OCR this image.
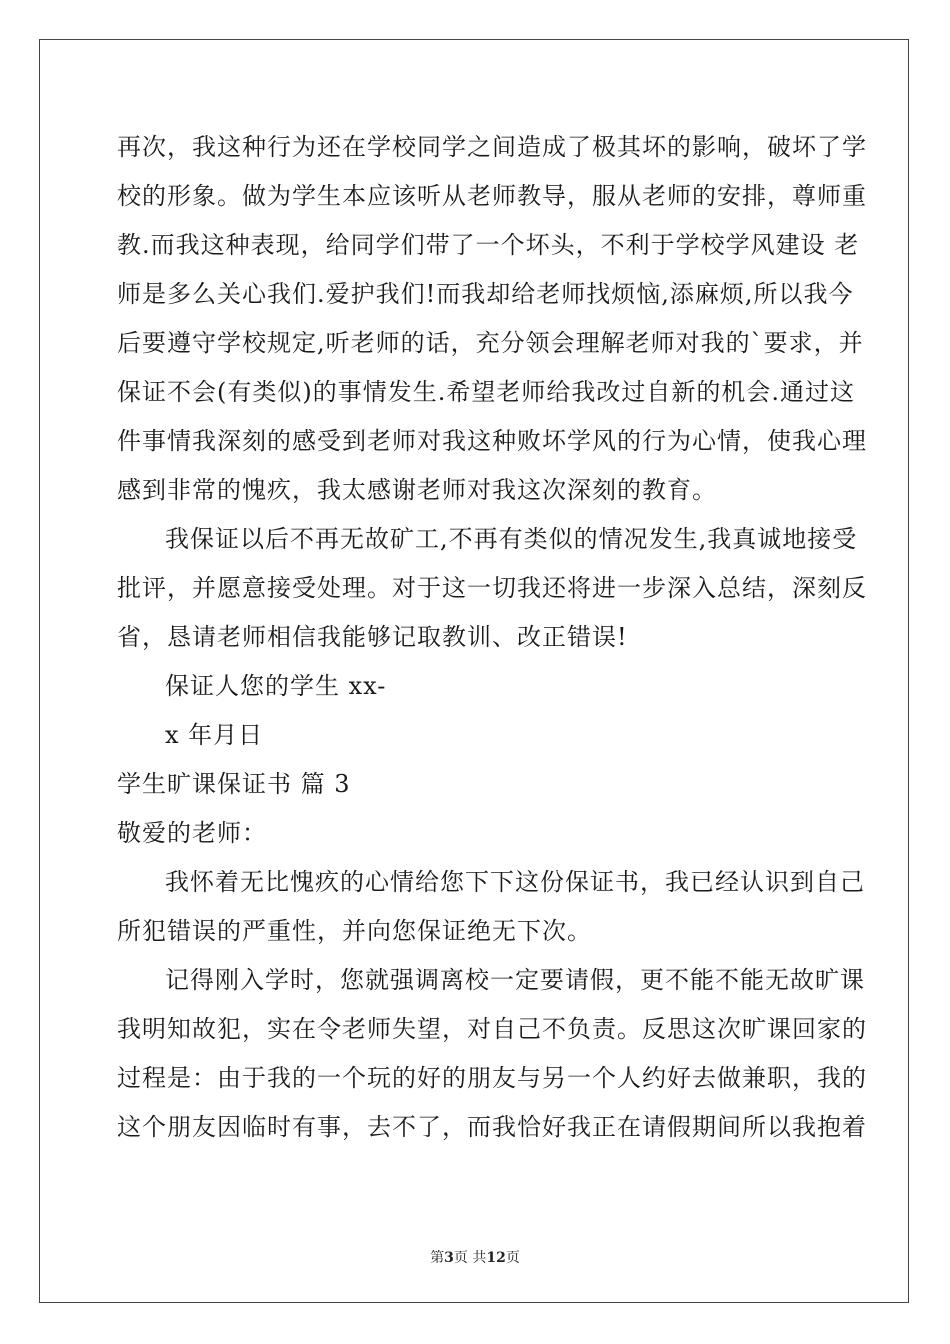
再次，我这种行为还在学校同学之间造成了极其坏的影响，破坏了学
校的形象。做为学生本应该听从老师教导，服从老师的安排，尊师重
教.而我这种表现，给同学们带了一个坏头，不利于学校学风建设 老
师是多么关心我们.爱护我们!而我却给老师找烦恼,添麻烦,所以我今
后要遵守学校规定,听老师的话，充分领会理解老师对我的`要求，并
保证不会(有类似)的事情发生.希望老师给我改过自新的机会.通过这
件事情我深刻的感受到老师对我这种败坏学风的行为心情，使我心理
感到非常的愧疚，我太感谢老师对我这次深刻的教育。
我保证以后不再无故矿工,不再有类似的情况发生,我真诚地接受
批评，并愿意接受处理。对于这一切我还将进一步深入总结，深刻反
省，恳请老师相信我能够记取教训、改正错误!
保证人您的学生 xx-
x 年月日
学生旷课保证书 篇 3
敬爱的老师：
我怀着无比愧疚的心情给您下下这份保证书，我已经认识到自己
所犯错误的严重性，并向您保证绝无下次。
记得刚入学时，您就强调离校一定要请假，更不能不能无故旷课
我明知故犯，实在令老师失望，对自己不负责。反思这次旷课回家的
过程是：由于我的一个玩的好的朋友与另一个人约好去做兼职，我的
这个朋友因临时有事，去不了，而我恰好我正在请假期间所以我抱着
第3页 共12页
